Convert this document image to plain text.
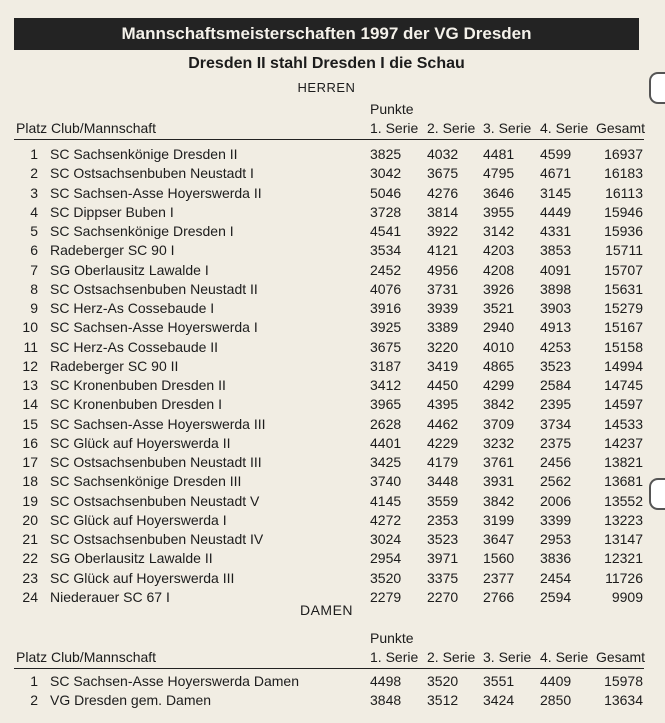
Mannschaftsmeisterschaften 1997 der VG Dresden
Dresden II stahl Dresden I die Schau
HERREN
Punkte
Platz Club/Mannschaft	1. Serie 2. Serie 3. Serie 4. Serie Gesamt
1 SC Sachsenkönige Dresden II	3825 4032 4481 4599	16937
2 SC Ostsachsenbuben Neustadt I	3042 3675 4795 4671	16183
3 SC Sachsen-Asse Hoyerswerda II	5046 4276 3646 3145	16113
4 SC Dippser Buben I	3728 3814 3955 4449	15946
5 SC Sachsenkönige Dresden I	4541 3922 3142 4331	15936
6 Radeberger SC 90 I	3534 4121 4203 3853	15711
7 SG Oberlausitz Lawalde I	2452 4956 4208 4091	15707
8 SC Ostsachsenbuben Neustadt II	4076 3731 3926 3898	15631
9 SC Herz-As Cossebaude I	3916 3939 3521 3903	15279
10 SC Sachsen-Asse Hoyerswerda I	3925 3389 2940 4913	15167
11 SC Herz-As Cossebaude II	3675 3220 4010 4253	15158
12 Radeberger SC 90 II	3187 3419 4865 3523	14994
13 SC Kronenbuben Dresden II	3412 4450 4299 2584	14745
14 SC Kronenbuben Dresden I	3965 4395 3842 2395	14597
15 SC Sachsen-Asse Hoyerswerda III	2628 4462 3709 3734	14533
16 SC Glück auf Hoyerswerda II	4401 4229 3232 2375	14237
17 SC Ostsachsenbuben Neustadt III	3425 4179 3761 2456	13821
18 SC Sachsenkönige Dresden III	3740 3448 3931 2562	13681
19 SC Ostsachsenbuben Neustadt V	4145 3559 3842 2006	13552
20 SC Glück auf Hoyerswerda I	4272 2353 3199 3399	13223
21 SC Ostsachsenbuben Neustadt IV	3024 3523 3647 2953	13147
22 SG Oberlausitz Lawalde II	2954 3971 1560 3836	12321
23 SC Glück auf Hoyerswerda III	3520 3375 2377 2454	11726
24 Niederauer SC 67 I	2279 2270 2766 2594	9909
DAMEN
Punkte
Platz Club/Mannschaft	1. Serie 2. Serie 3. Serie 4. Serie Gesamt
1 SC Sachsen-Asse Hoyerswerda Damen	4498 3520 3551 4409	15978
2 VG Dresden gem. Damen	3848 3512 3424 2850	13634
